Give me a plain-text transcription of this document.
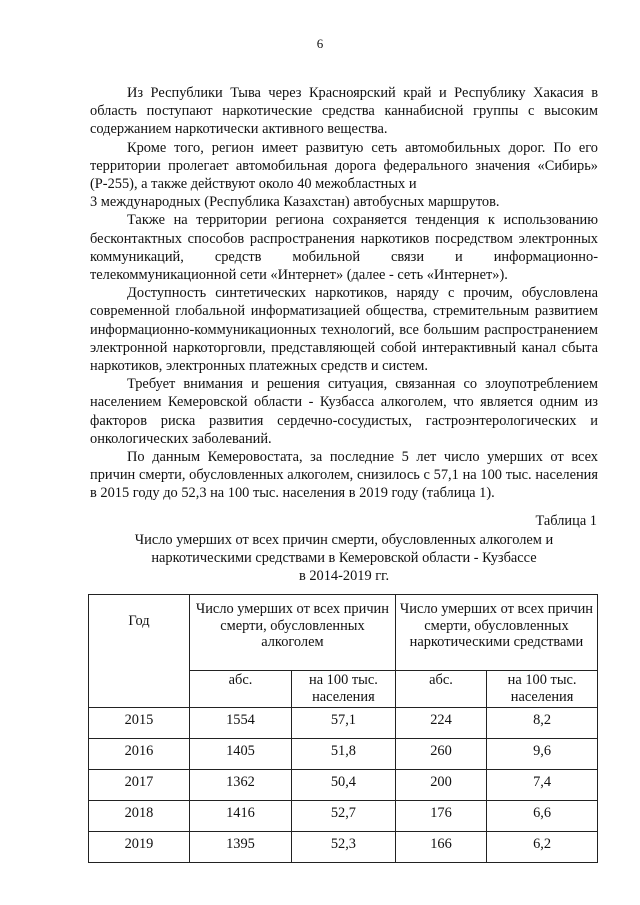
6

Из Республики Тыва через Красноярский край и Республику Хакасия в область поступают наркотические средства каннабисной группы с высоким содержанием наркотически активного вещества.

Кроме того, регион имеет развитую сеть автомобильных дорог. По его территории пролегает автомобильная дорога федерального значения «Сибирь» (Р-255), а также действуют около 40 межобластных и

3 международных (Республика Казахстан) автобусных маршрутов.

Также на территории региона сохраняется тенденция к использованию бесконтактных способов распространения наркотиков посредством электронных коммуникаций, средств мобильной связи и информационно-телекоммуникационной сети «Интернет» (далее - сеть «Интернет»).

Доступность синтетических наркотиков, наряду с прочим, обусловлена современной глобальной информатизацией общества, стремительным развитием информационно-коммуникационных технологий, все большим распространением электронной наркоторговли, представляющей собой интерактивный канал сбыта наркотиков, электронных платежных средств и систем.

Требует внимания и решения ситуация, связанная со злоупотреблением населением Кемеровской области - Кузбасса алкоголем, что является одним из факторов риска развития сердечно-сосудистых, гастроэнтерологических и онкологических заболеваний.

По данным Кемеровостата, за последние 5 лет число умерших от всех причин смерти, обусловленных алкоголем, снизилось с 57,1 на 100 тыс. населения в 2015 году до 52,3 на 100 тыс. населения в 2019 году (таблица 1).

Таблица 1
Число умерших от всех причин смерти, обусловленных алкоголем и
наркотическими средствами в Кемеровской области - Кузбассе
в 2014-2019 гг.
Год	Число умерших от всех причин смерти, обусловленных алкоголем		Число умерших от всех причин смерти, обусловленных наркотическими средствами	
	абс.	на 100 тыс. населения	абс.	на 100 тыс. населения
2015	1554	57,1	224	8,2
2016	1405	51,8	260	9,6
2017	1362	50,4	200	7,4
2018	1416	52,7	176	6,6
2019	1395	52,3	166	6,2
